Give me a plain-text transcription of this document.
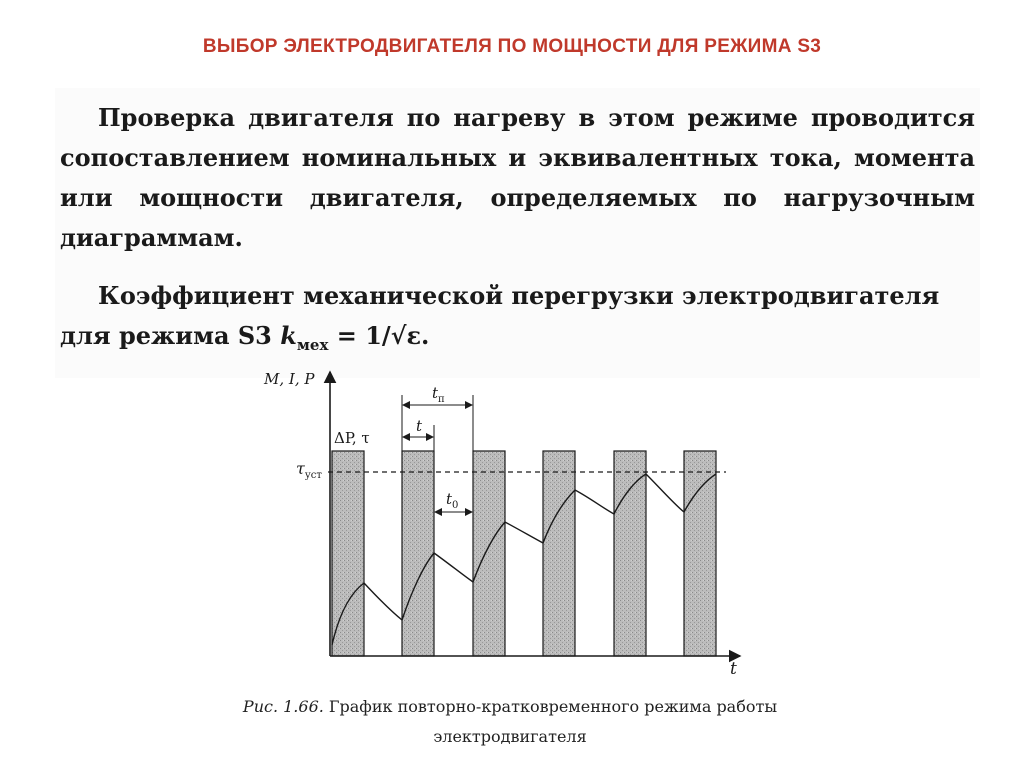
ВЫБОР ЭЛЕКТРОДВИГАТЕЛЯ ПО МОЩНОСТИ ДЛЯ РЕЖИМА S3

Проверка двигателя по нагреву в этом режиме проводится сопоставлением номинальных и эквивалентных тока, момента или мощности двигателя, определяемых по нагрузочным диаграммам.

Коэффициент механической перегрузки электродвигателя для режима S3 $k_{мех} = 1/√\varepsilon$.

M, I, P
t
ΔP, τ
$\tau_{уст}$
$t_п$
t
$t_0$
Рис. 1.66. График повторно-кратковременного режима работы
электродвигателя
